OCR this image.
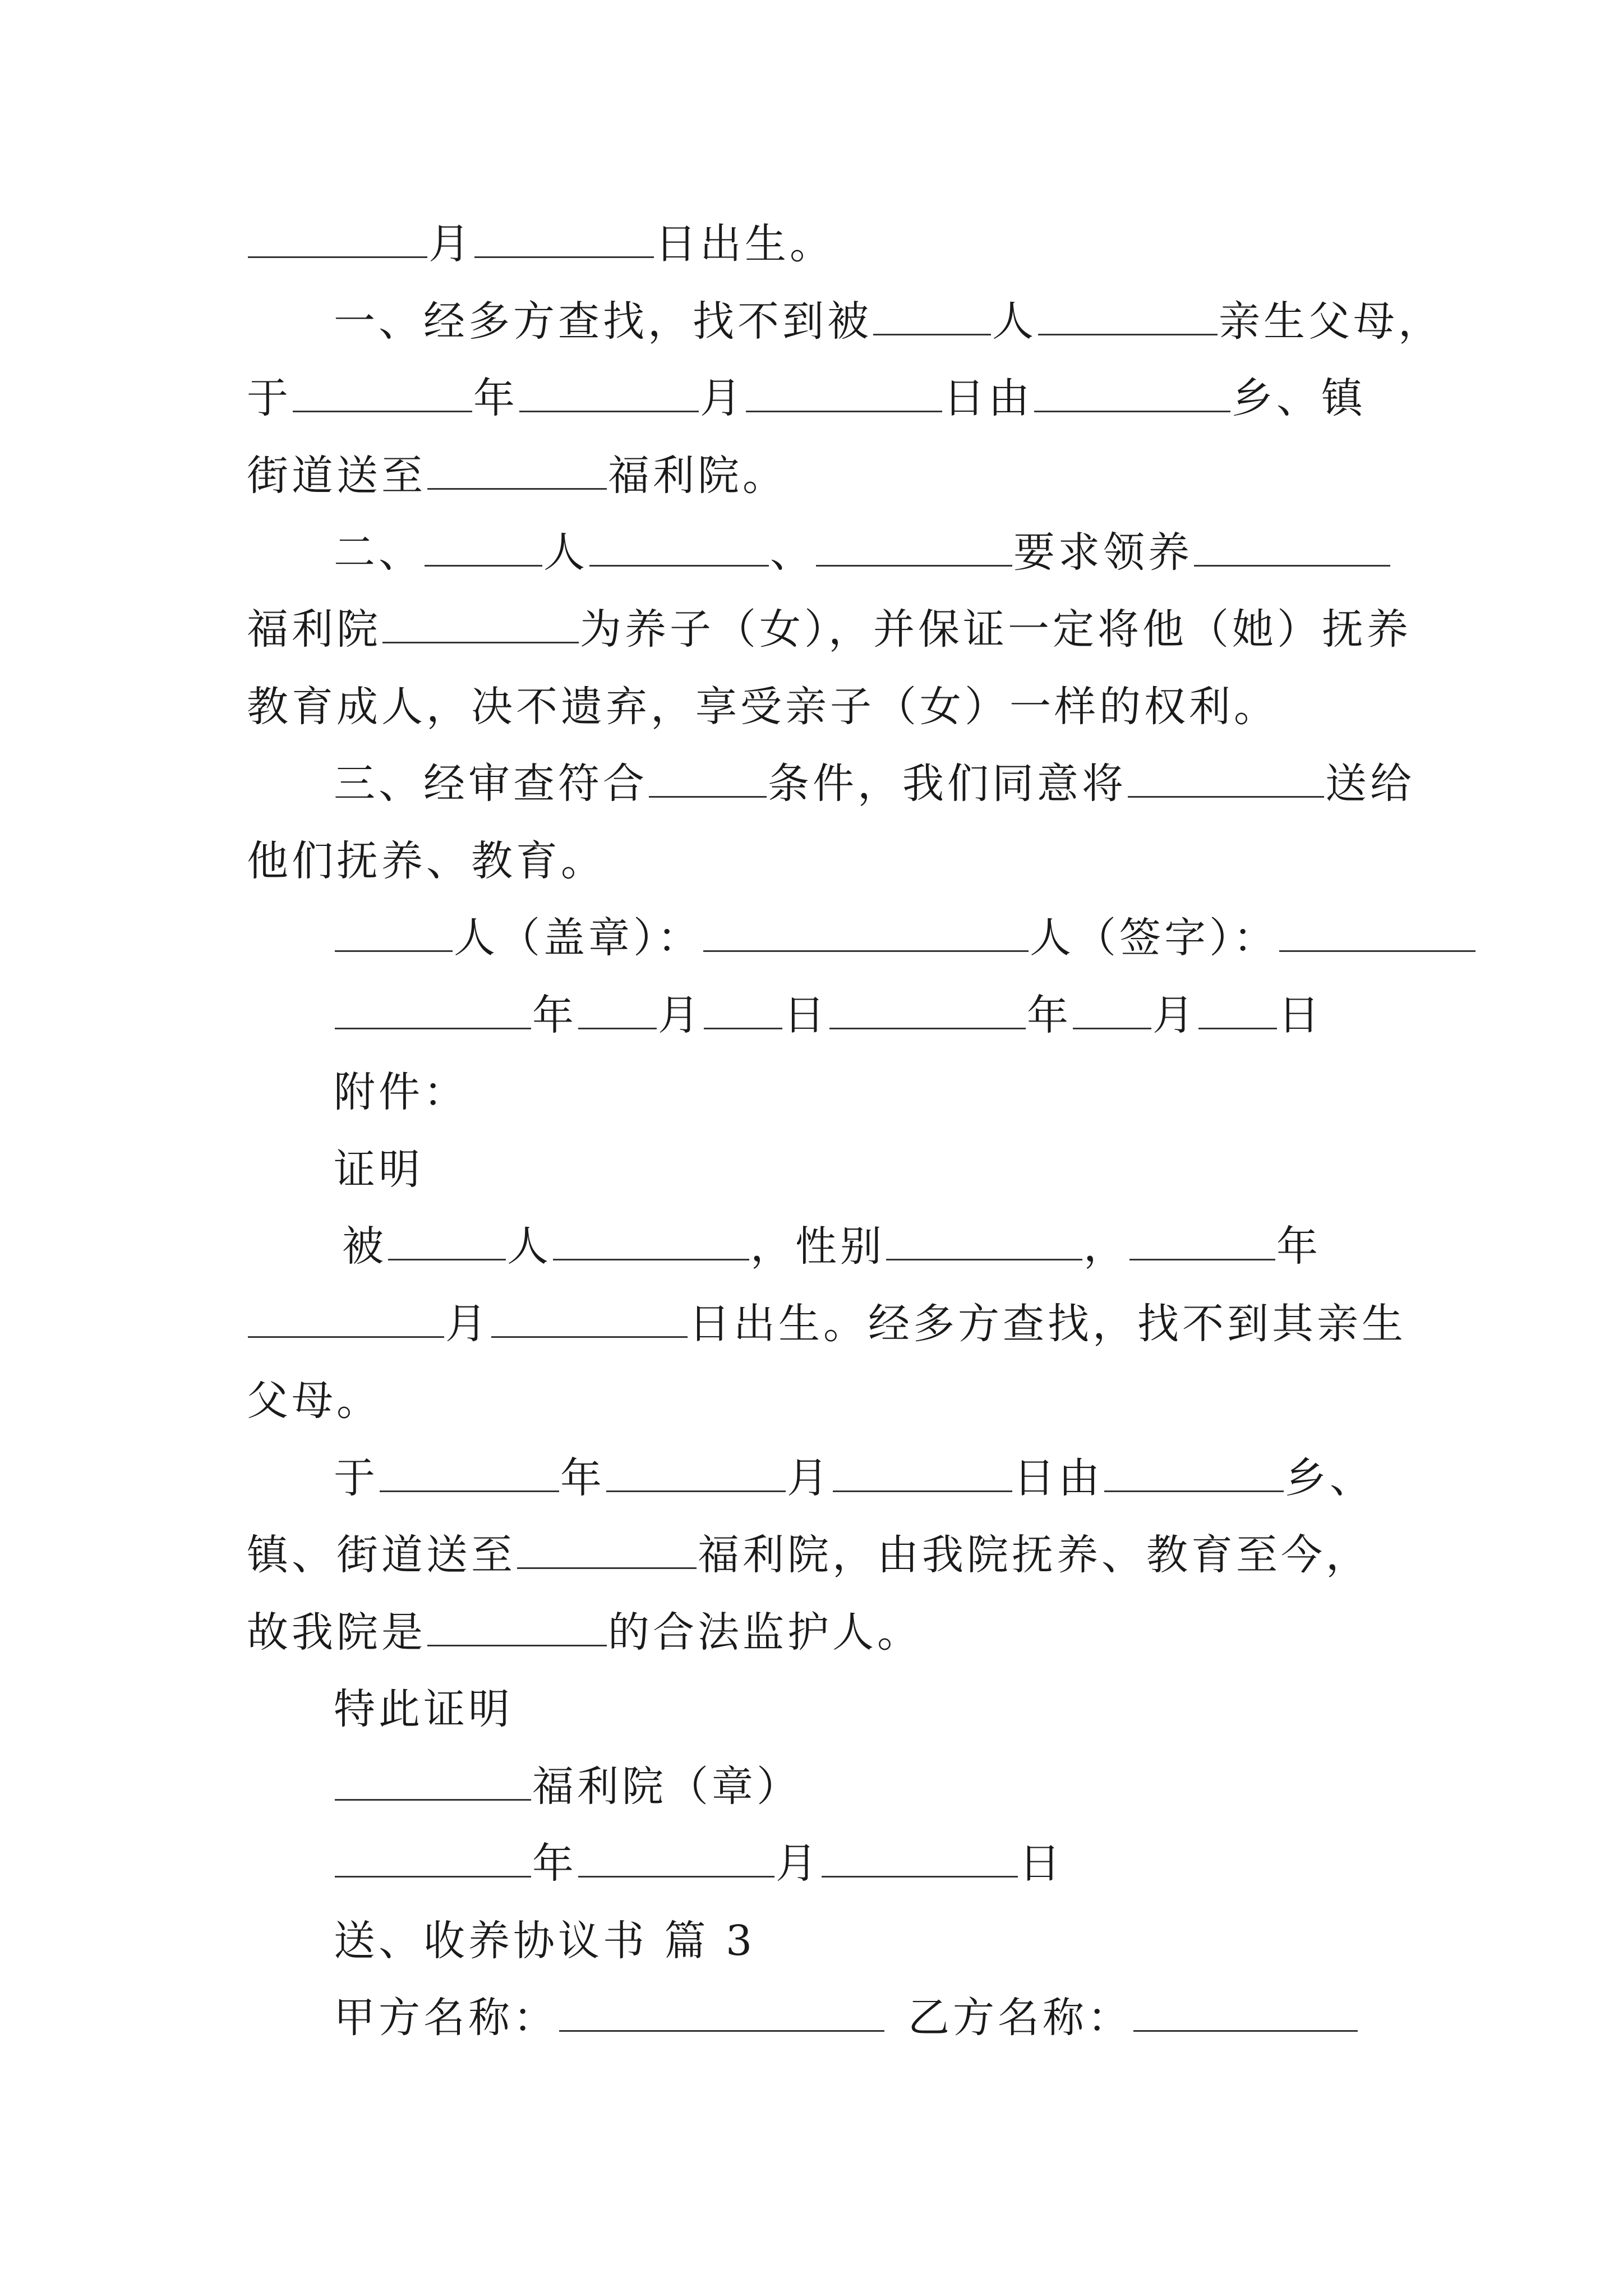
月	日出生。
一、经多方查找，找不到被	人	亲生父母，
于	年	月	日由	乡、镇
街道送至	福利院。
二、	人	、	要求领养
福利院	为养子（女），并保证一定将他（她）抚养
教育成人，决不遗弃，享受亲子（女）一样的权利。
三、经审查符合	条件，我们同意将	送给
他们抚养、教育。
人（盖章）：	人（签字）：
年 月 日	年 月 日
附件：
证明
被	人	，性别	，	年
月	日出生。经多方查找，找不到其亲生
父母。
于	年	月	日由	乡、
镇、街道送至	福利院，由我院抚养、教育至今，
故我院是	的合法监护人。
特此证明
福利院（章）
年	月	日
送、收养协议书 篇 3
甲方名称：	乙方名称：
